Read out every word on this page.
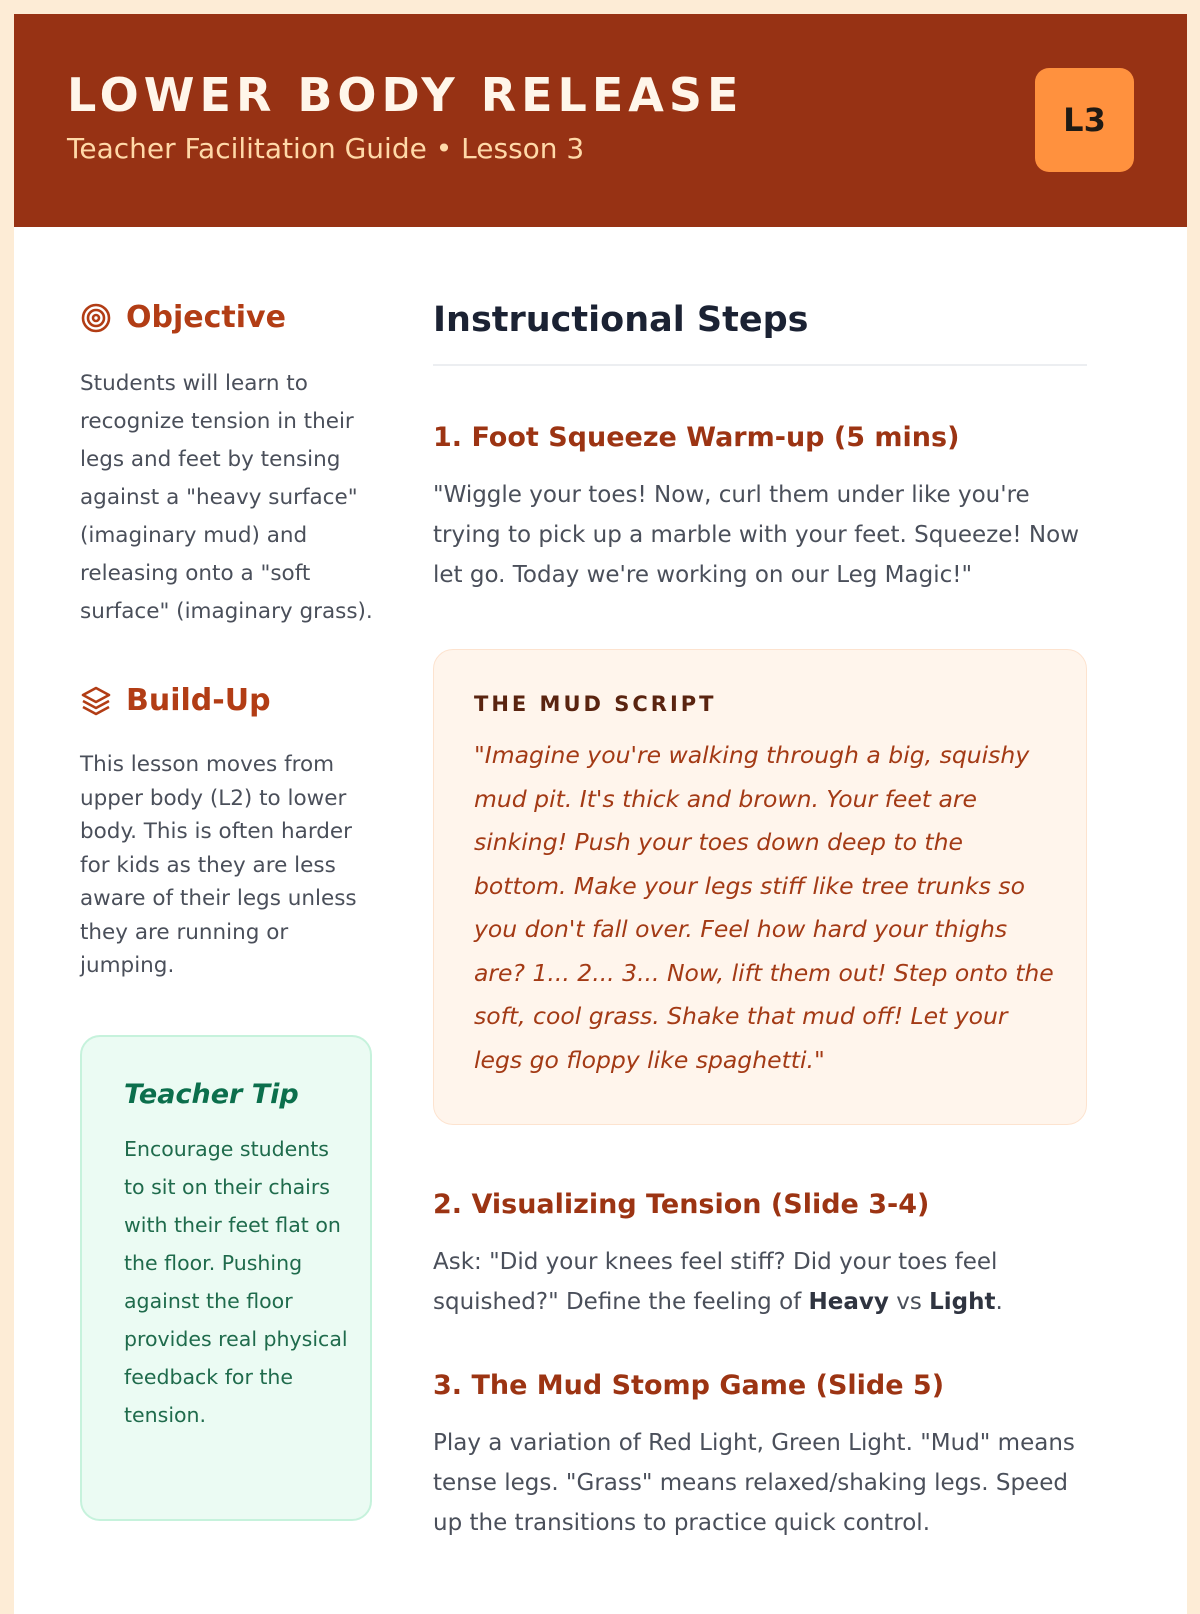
LOWER BODY RELEASE
Teacher Facilitation Guide • Lesson 3
L3
Objective
Students will learn to recognize tension in their legs and feet by tensing against a "heavy surface" (imaginary mud) and releasing onto a "soft surface" (imaginary grass).
Build-Up
This lesson moves from upper body (L2) to lower body. This is often harder for kids as they are less aware of their legs unless they are running or jumping.
Teacher Tip
Encourage students to sit on their chairs with their feet flat on the floor. Pushing against the floor provides real physical feedback for the tension.
Instructional Steps
1. Foot Squeeze Warm-up (5 mins)
"Wiggle your toes! Now, curl them under like you're trying to pick up a marble with your feet. Squeeze! Now let go. Today we're working on our Leg Magic!"
THE MUD SCRIPT
"Imagine you're walking through a big, squishy mud pit. It's thick and brown. Your feet are sinking! Push your toes down deep to the bottom. Make your legs stiff like tree trunks so you don't fall over. Feel how hard your thighs are? 1... 2... 3... Now, lift them out! Step onto the soft, cool grass. Shake that mud off! Let your legs go floppy like spaghetti."
2. Visualizing Tension (Slide 3-4)
Ask: "Did your knees feel stiff? Did your toes feel squished?" Define the feeling of Heavy vs Light.
3. The Mud Stomp Game (Slide 5)
Play a variation of Red Light, Green Light. "Mud" means tense legs. "Grass" means relaxed/shaking legs. Speed up the transitions to practice quick control.
